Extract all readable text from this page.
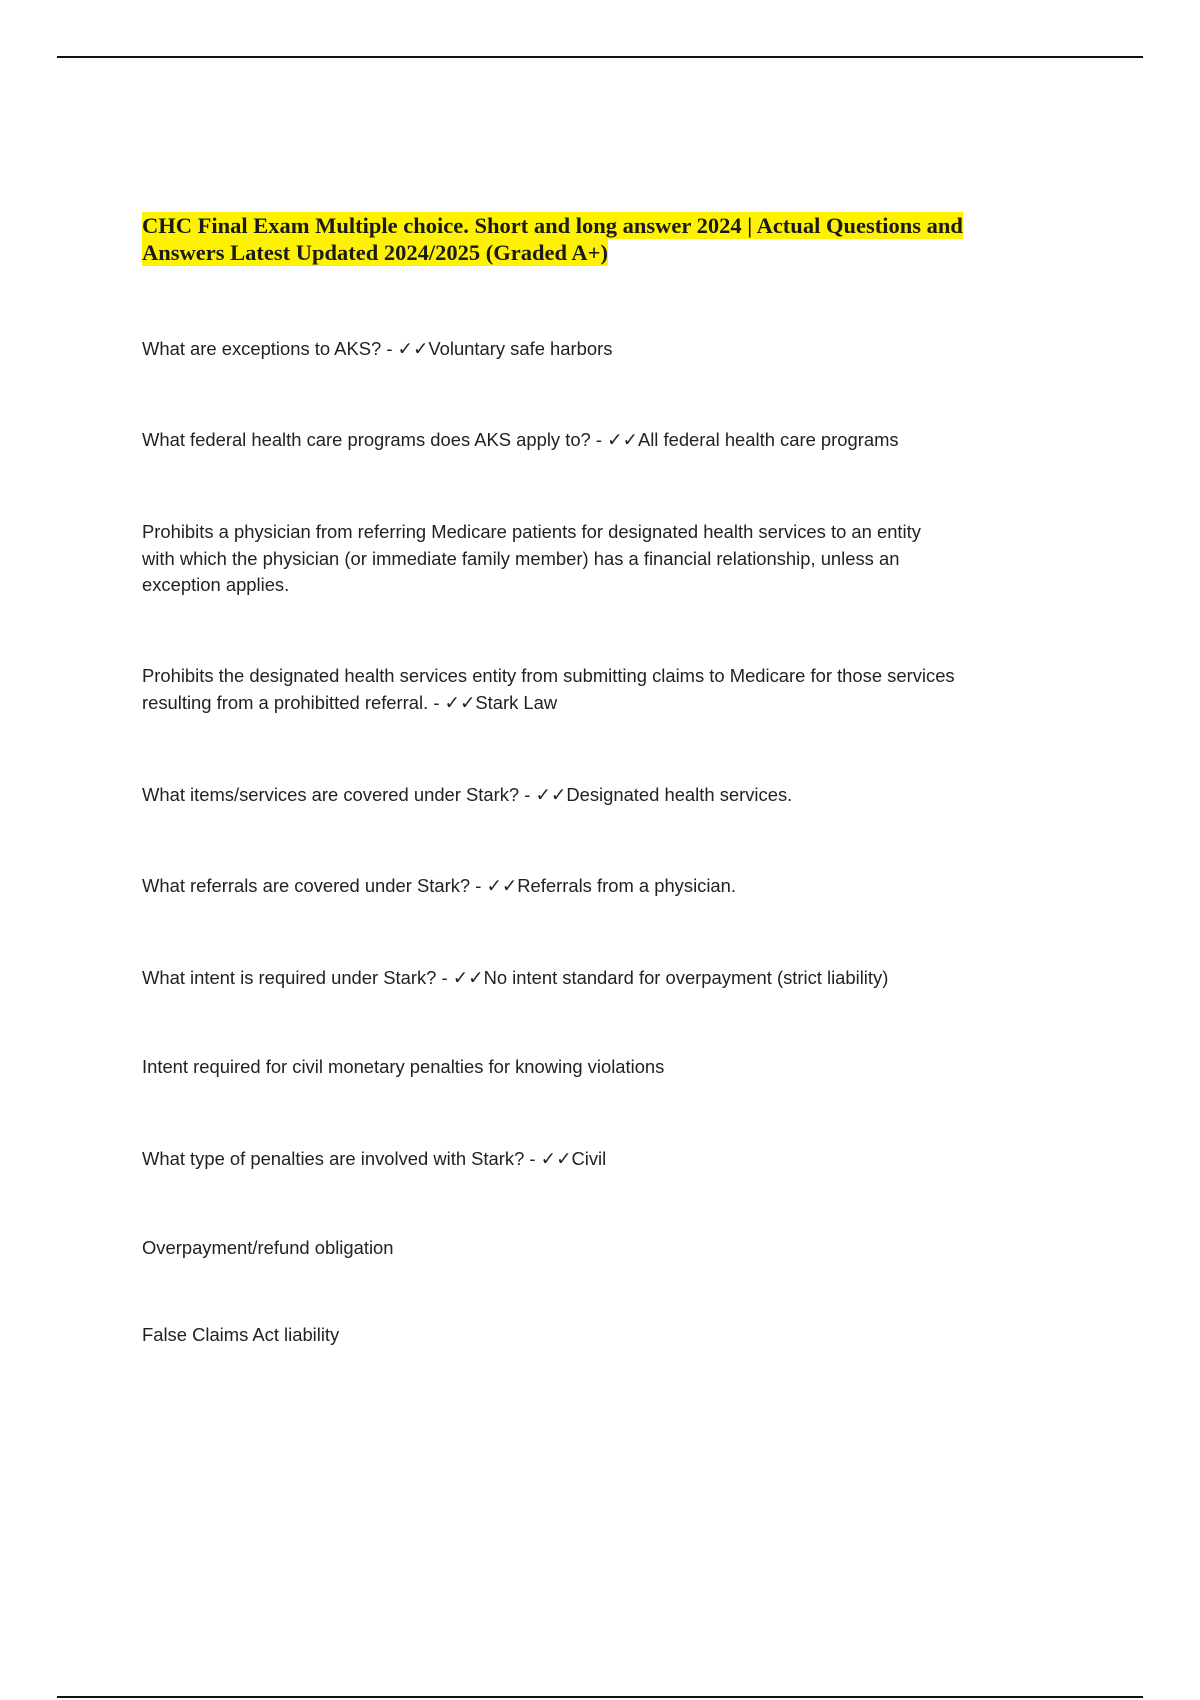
CHC Final Exam Multiple choice. Short and long answer 2024 | Actual Questions and Answers Latest Updated 2024/2025 (Graded A+)

What are exceptions to AKS? - ✓✓Voluntary safe harbors

What federal health care programs does AKS apply to? - ✓✓All federal health care programs

Prohibits a physician from referring Medicare patients for designated health services to an entity
with which the physician (or immediate family member) has a financial relationship, unless an
exception applies.

Prohibits the designated health services entity from submitting claims to Medicare for those services
resulting from a prohibitted referral. - ✓✓Stark Law

What items/services are covered under Stark? - ✓✓Designated health services.

What referrals are covered under Stark? - ✓✓Referrals from a physician.

What intent is required under Stark? - ✓✓No intent standard for overpayment (strict liability)

Intent required for civil monetary penalties for knowing violations

What type of penalties are involved with Stark? - ✓✓Civil

Overpayment/refund obligation

False Claims Act liability
